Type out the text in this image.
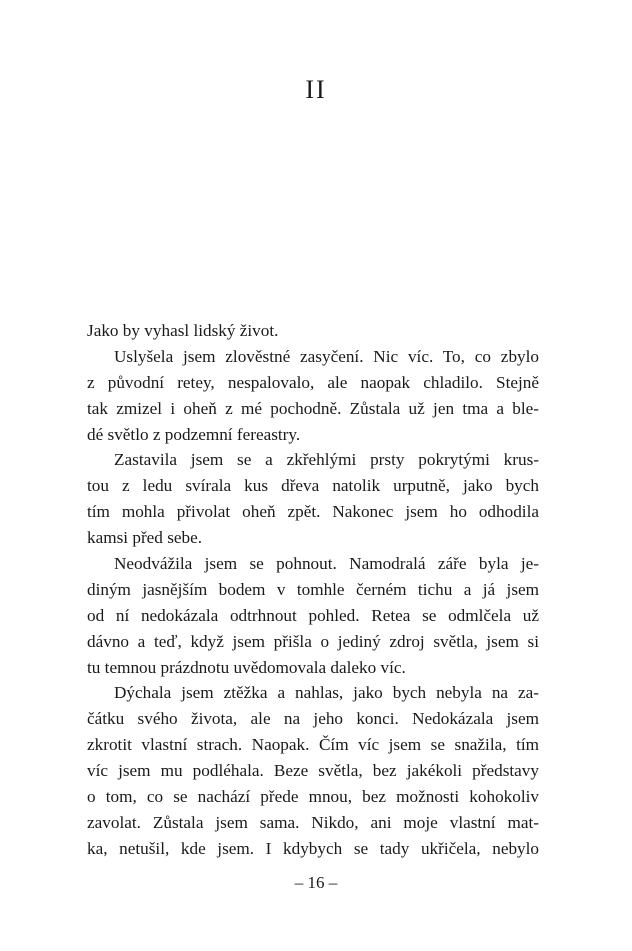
II
Jako by vyhasl lidský život.
Uslyšela jsem zlověstné zasyčení. Nic víc. To, co zbylo
z původní retey, nespalovalo, ale naopak chladilo. Stejně
tak zmizel i oheň z mé pochodně. Zůstala už jen tma a ble-
dé světlo z podzemní fereastry.
Zastavila jsem se a zkřehlými prsty pokrytými krus-
tou z ledu svírala kus dřeva natolik urputně, jako bych
tím mohla přivolat oheň zpět. Nakonec jsem ho odhodila
kamsi před sebe.
Neodvážila jsem se pohnout. Namodralá záře byla je-
diným jasnějším bodem v tomhle černém tichu a já jsem
od ní nedokázala odtrhnout pohled. Retea se odmlčela už
dávno a teď, když jsem přišla o jediný zdroj světla, jsem si
tu temnou prázdnotu uvědomovala daleko víc.
Dýchala jsem ztěžka a nahlas, jako bych nebyla na za-
čátku svého života, ale na jeho konci. Nedokázala jsem
zkrotit vlastní strach. Naopak. Čím víc jsem se snažila, tím
víc jsem mu podléhala. Beze světla, bez jakékoli představy
o tom, co se nachází přede mnou, bez možnosti kohokoliv
zavolat. Zůstala jsem sama. Nikdo, ani moje vlastní mat-
ka, netušil, kde jsem. I kdybych se tady ukřičela, nebylo
– 16 –
